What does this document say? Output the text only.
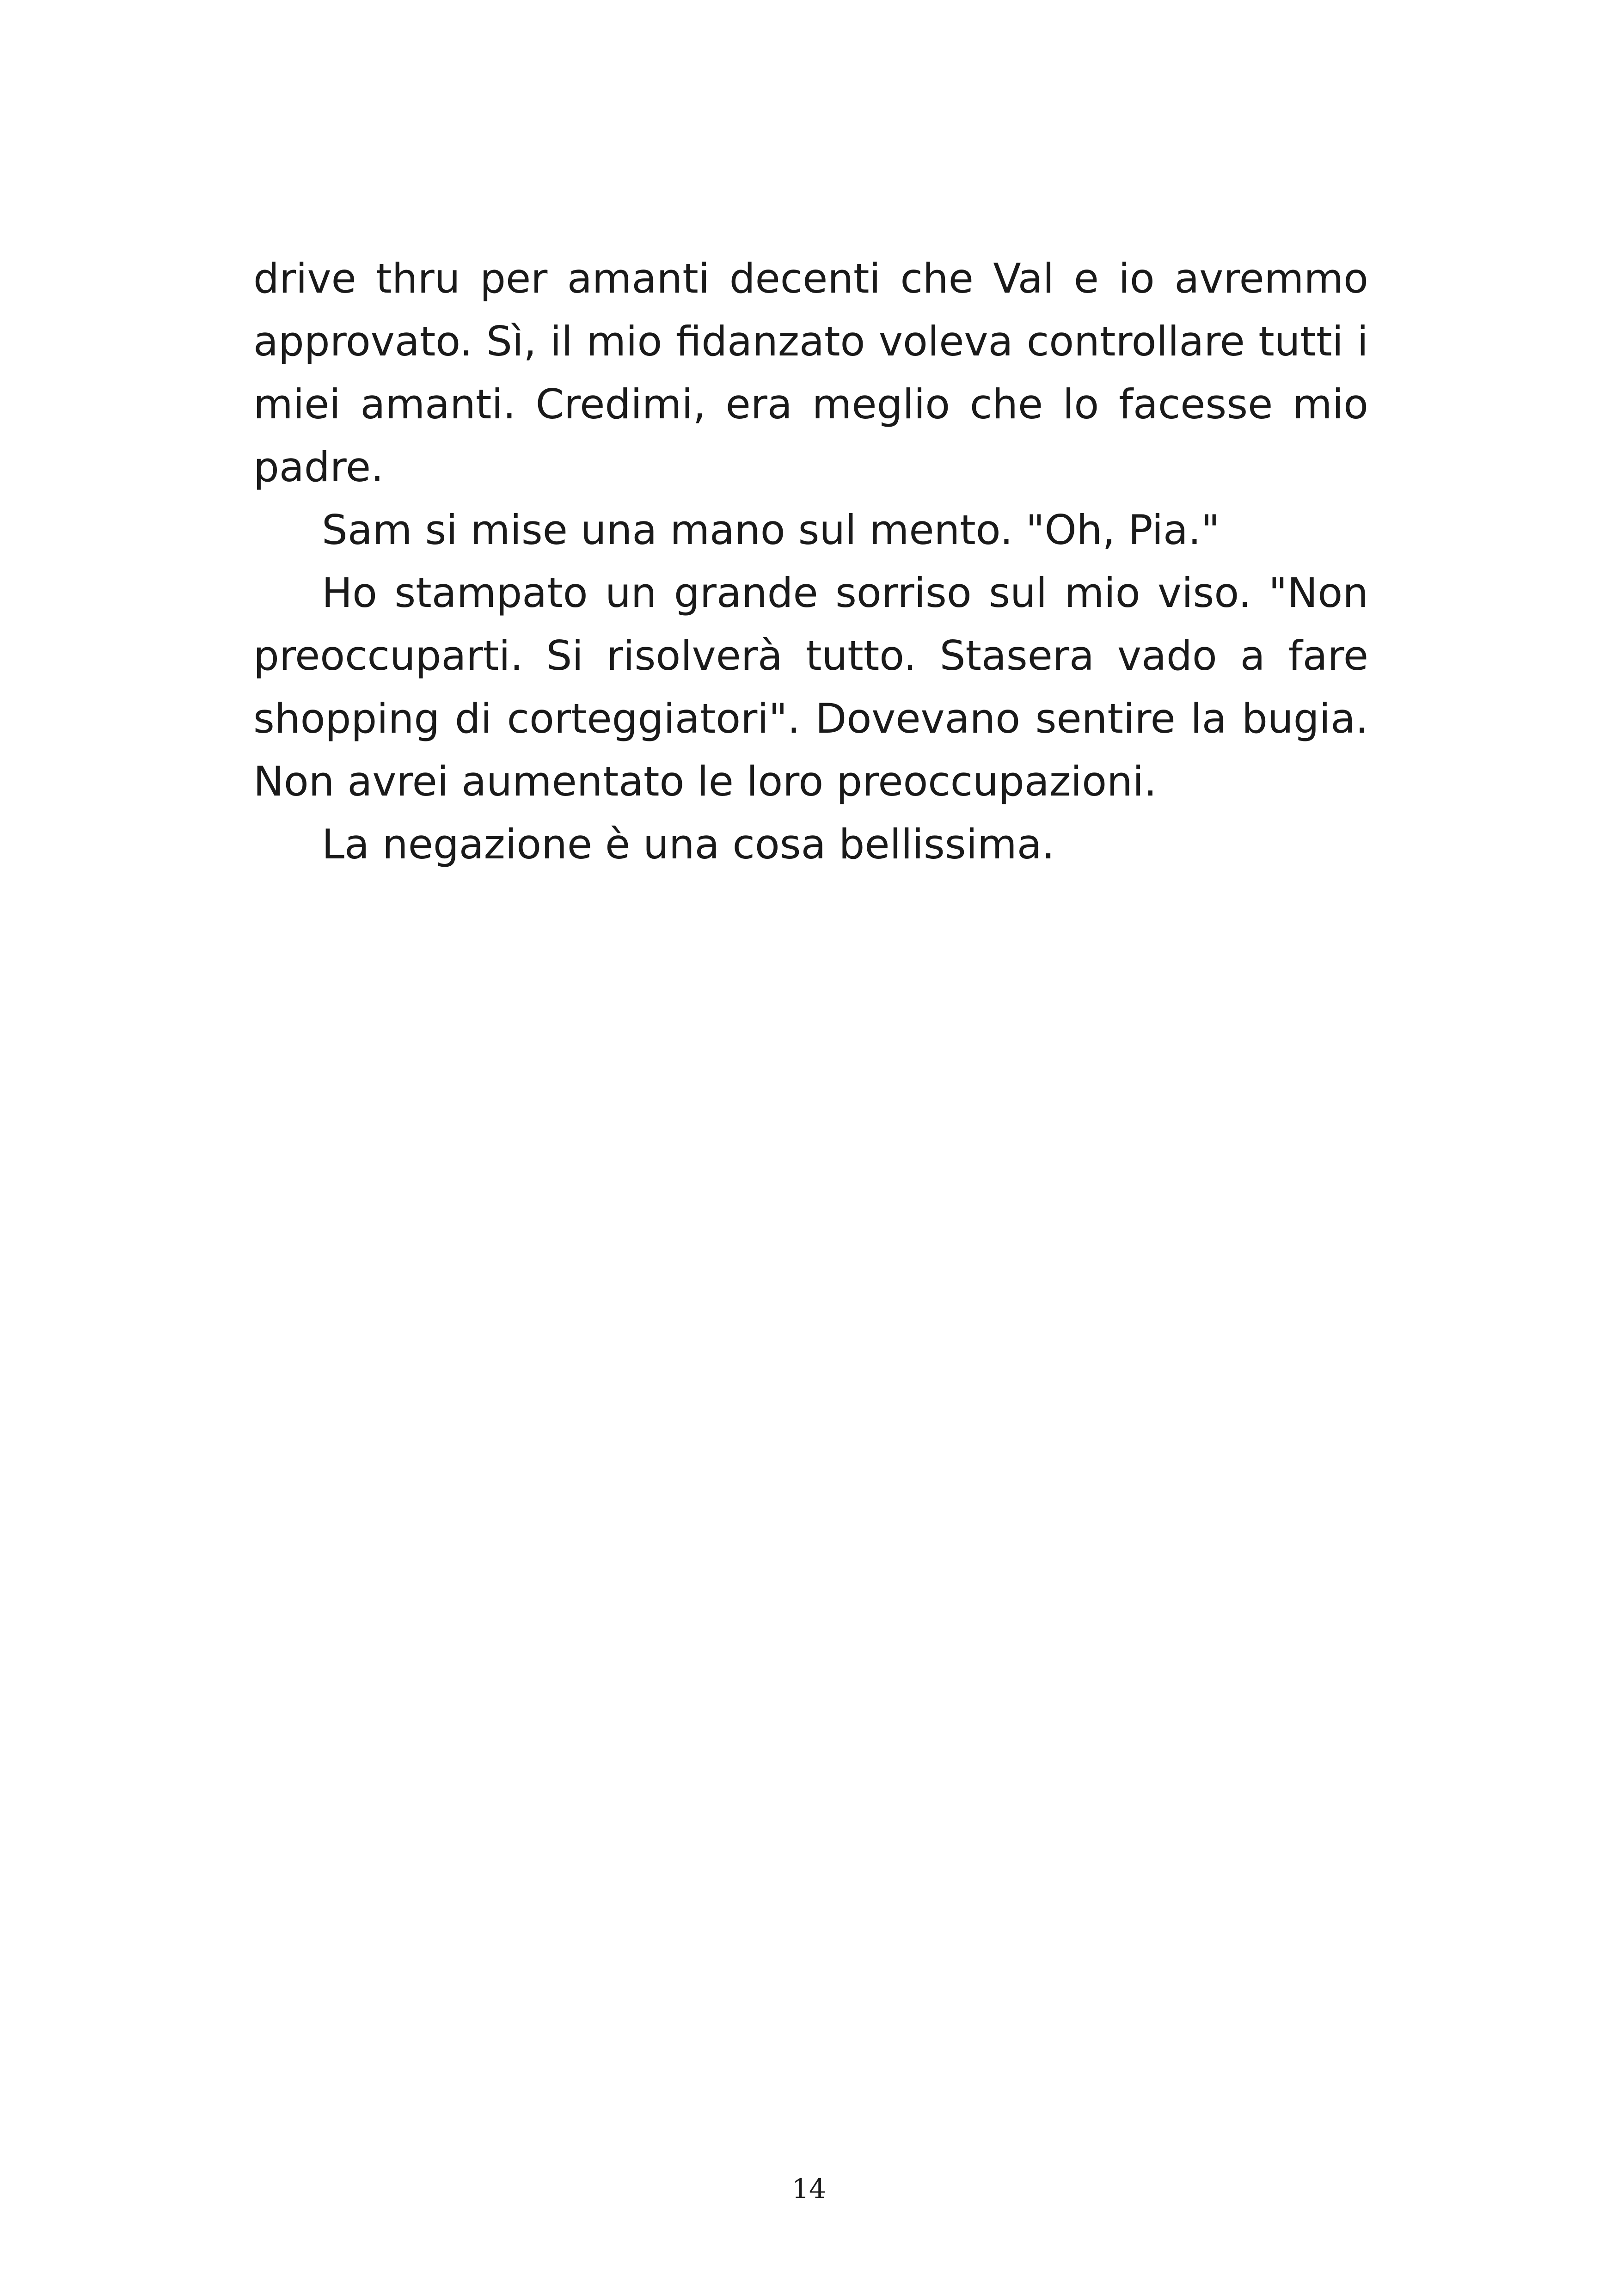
drive thru per amanti decenti che Val e io avremmo approvato. Sì, il mio fidanzato voleva controllare tutti i miei amanti. Credimi, era meglio che lo facesse mio padre.

Sam si mise una mano sul mento. "Oh, Pia."

Ho stampato un grande sorriso sul mio viso. "Non preoccuparti. Si risolverà tutto. Stasera vado a fare shopping di corteggiatori". Dovevano sentire la bugia. Non avrei aumentato le loro preoccupazioni.

La negazione è una cosa bellissima.

14
